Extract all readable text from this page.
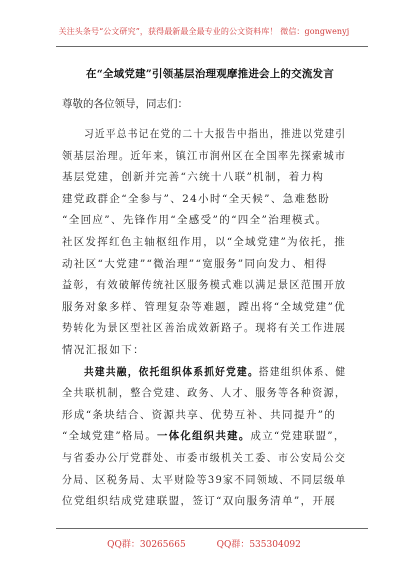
关注头条号“公文研究”，获得最新最全最专业的公文资料库！ 微信：gongwenyj
在“全域党建”引领基层治理观摩推进会上的交流发言
尊敬的各位领导，同志们：
习近平总书记在党的二十大报告中指出，推进以党建引
领基层治理。近年来，镇江市润州区在全国率先探索城市
基层党建，创新并完善“六统十八联”机制，着力构
建党政群企“全参与”、24小时“全天候”、急难愁盼
“全回应”、先锋作用“全感受”的“四全”治理模式。
社区发挥红色主轴枢纽作用，以“全域党建”为依托，推
动社区“大党建”“微治理”“宽服务”同向发力、相得
益彰，有效破解传统社区服务模式难以满足景区范围开放
服务对象多样、管理复杂等难题，蹚出将“全域党建”优
势转化为景区型社区善治成效新路子。现将有关工作进展
情况汇报如下：
共建共融，依托组织体系抓好党建。搭建组织体系、健
全共联机制，整合党建、政务、人才、服务等各种资源，
形成“条块结合、资源共享、优势互补、共同提升”的
“全域党建”格局。一体化组织共建。成立“党建联盟”，
与省委办公厅党群处、市委市级机关工委、市公安局公交
分局、区税务局、太平财险等39家不同领域、不同层级单
位党组织结成党建联盟，签订“双向服务清单”，开展
QQ群：30265665	QQ群：535304092
